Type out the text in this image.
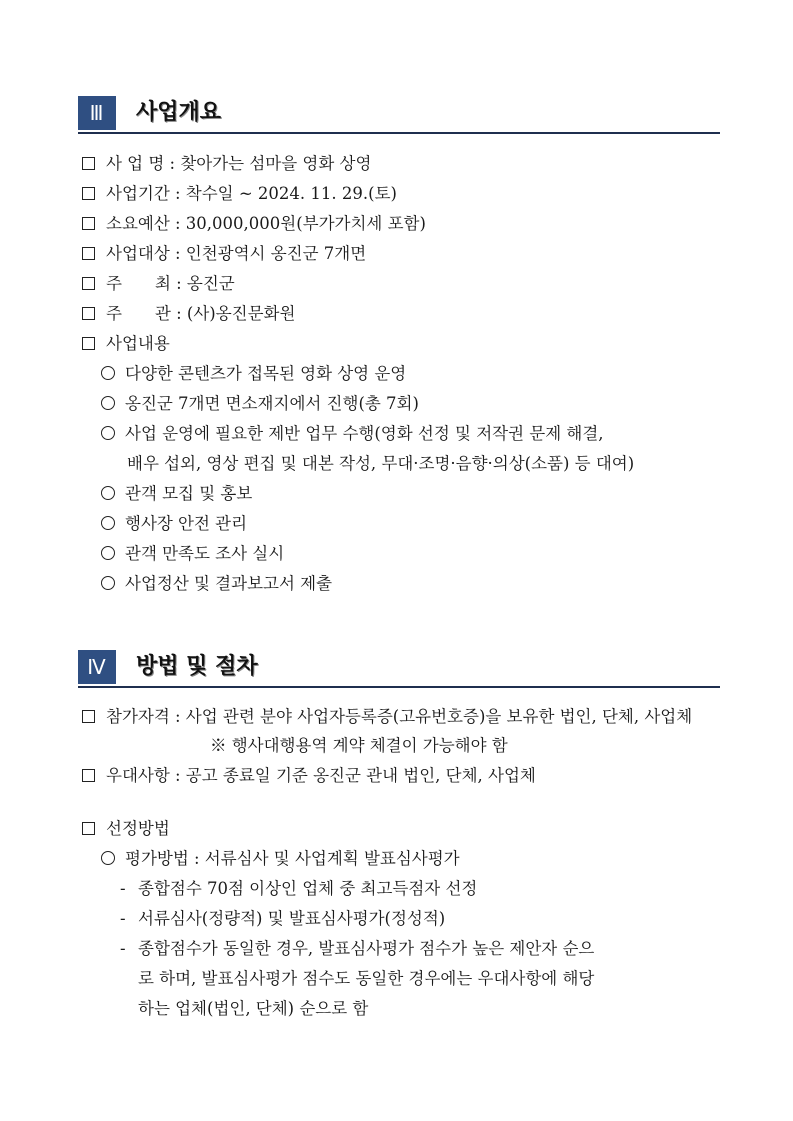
Ⅲ	사업개요
사 업 명 : 찾아가는 섬마을 영화 상영
사업기간 : 착수일 ~ 2024. 11. 29.(토)
소요예산 : 30,000,000원(부가가치세 포함)
사업대상 : 인천광역시 옹진군 7개면
주　　최 : 옹진군
주　　관 : (사)옹진문화원
사업내용
다양한 콘텐츠가 접목된 영화 상영 운영
옹진군 7개면 면소재지에서 진행(총 7회)
사업 운영에 필요한 제반 업무 수행(영화 선정 및 저작권 문제 해결,
배우 섭외, 영상 편집 및 대본 작성, 무대·조명·음향·의상(소품) 등 대여)
관객 모집 및 홍보
행사장 안전 관리
관객 만족도 조사 실시
사업정산 및 결과보고서 제출
Ⅳ	방법 및 절차
참가자격 : 사업 관련 분야 사업자등록증(고유번호증)을 보유한 법인, 단체, 사업체
※ 행사대행용역 계약 체결이 가능해야 함
우대사항 : 공고 종료일 기준 옹진군 관내 법인, 단체, 사업체
선정방법
평가방법 : 서류심사 및 사업계획 발표심사평가
- 종합점수 70점 이상인 업체 중 최고득점자 선정
- 서류심사(정량적) 및 발표심사평가(정성적)
- 종합점수가 동일한 경우, 발표심사평가 점수가 높은 제안자 순으
로 하며, 발표심사평가 점수도 동일한 경우에는 우대사항에 해당
하는 업체(법인, 단체) 순으로 함
